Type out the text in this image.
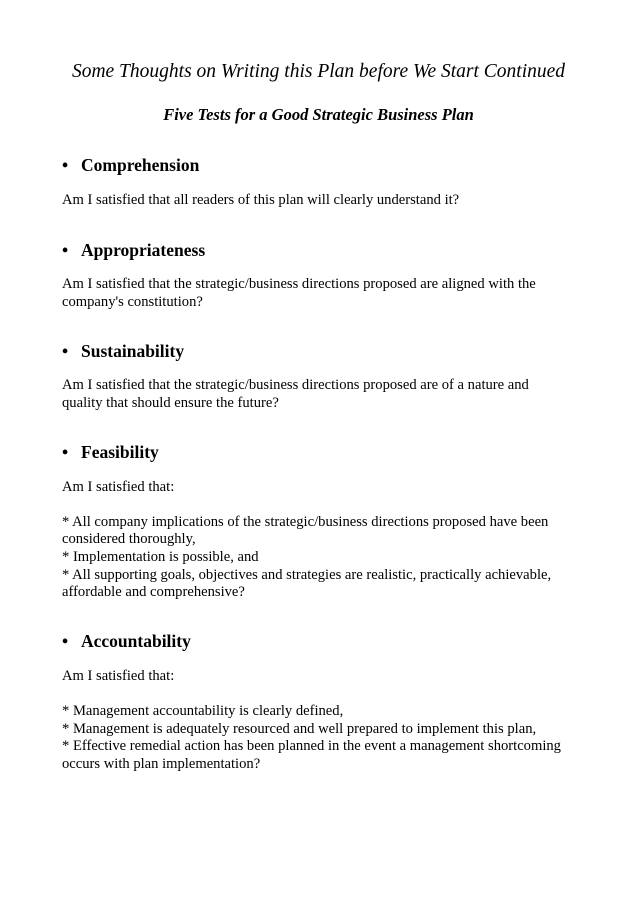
Some Thoughts on Writing this Plan before We Start Continued
Five Tests for a Good Strategic Business Plan
• Comprehension
Am I satisfied that all readers of this plan will clearly understand it?
• Appropriateness
Am I satisfied that the strategic/business directions proposed are aligned with the
company's constitution?
• Sustainability
Am I satisfied that the strategic/business directions proposed are of a nature and
quality that should ensure the future?
• Feasibility
Am I satisfied that:
* All company implications of the strategic/business directions proposed have been
considered thoroughly,
* Implementation is possible, and
* All supporting goals, objectives and strategies are realistic, practically achievable,
affordable and comprehensive?
• Accountability
Am I satisfied that:
* Management accountability is clearly defined,
* Management is adequately resourced and well prepared to implement this plan,
* Effective remedial action has been planned in the event a management shortcoming
occurs with plan implementation?
